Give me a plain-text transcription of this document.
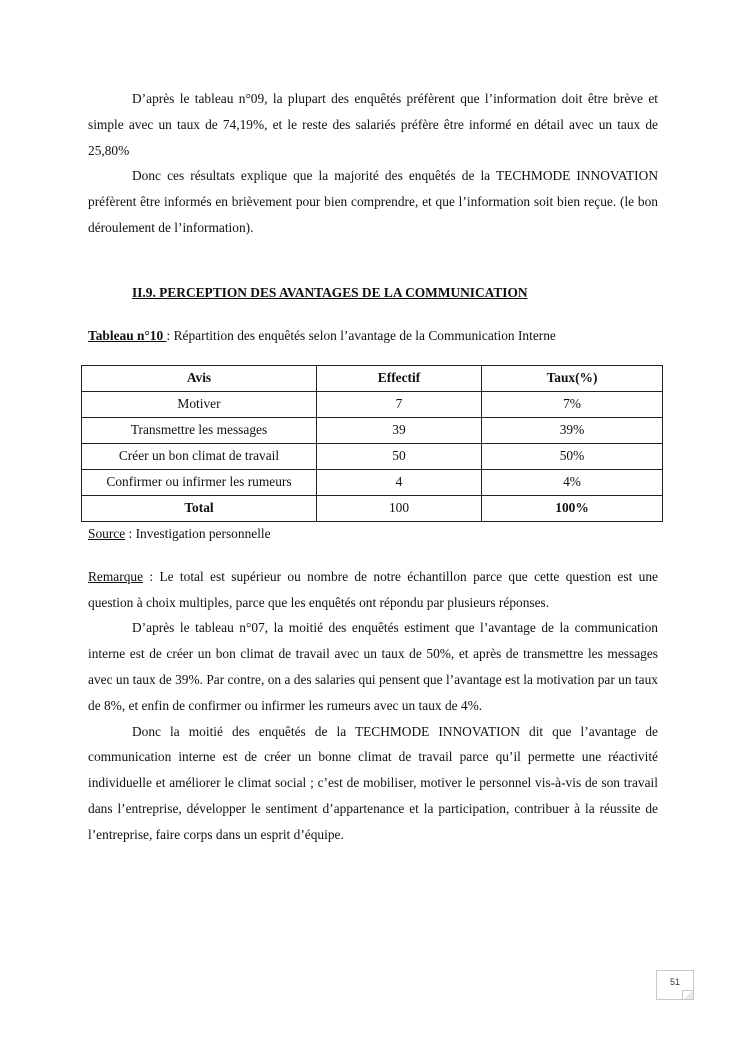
D’après le tableau n°09, la plupart des enquêtés préfèrent que l’information doit être brève et simple avec un taux de 74,19%, et le reste des salariés préfère être informé en détail avec un taux de 25,80%

Donc ces résultats explique que la majorité des enquêtés de la TECHMODE INNOVATION préfèrent être informés en brièvement pour bien comprendre, et que l’information soit bien reçue. (le bon déroulement de l’information).

II.9. PERCEPTION DES AVANTAGES DE LA COMMUNICATION
Tableau n°10 : Répartition des enquêtés selon l’avantage de la Communication Interne
Avis	Effectif	Taux(%)
Motiver	7	7%
Transmettre les messages	39	39%
Créer un bon climat de travail	50	50%
Confirmer ou infirmer les rumeurs	4	4%
Total	100	100%
Source : Investigation personnelle

Remarque : Le total est supérieur ou nombre de notre échantillon parce que cette question est une question à choix multiples, parce que les enquêtés ont répondu par plusieurs réponses.

D’après le tableau n°07, la moitié des enquêtés estiment que l’avantage de la communication interne est de créer un bon climat de travail avec un taux de 50%, et après de transmettre les messages avec un taux de 39%. Par contre, on a des salaries qui pensent que l’avantage est la motivation par un taux de 8%, et enfin de confirmer ou infirmer les rumeurs avec un taux de 4%.

Donc la moitié des enquêtés de la TECHMODE INNOVATION dit que l’avantage de communication interne est de créer un bonne climat de travail parce qu’il permette une réactivité individuelle et améliorer le climat social ; c’est de mobiliser, motiver le personnel vis-à-vis de son travail dans l’entreprise, développer le sentiment d’appartenance et la participation, contribuer à la réussite de l’entreprise, faire corps dans un esprit d’équipe.

51
